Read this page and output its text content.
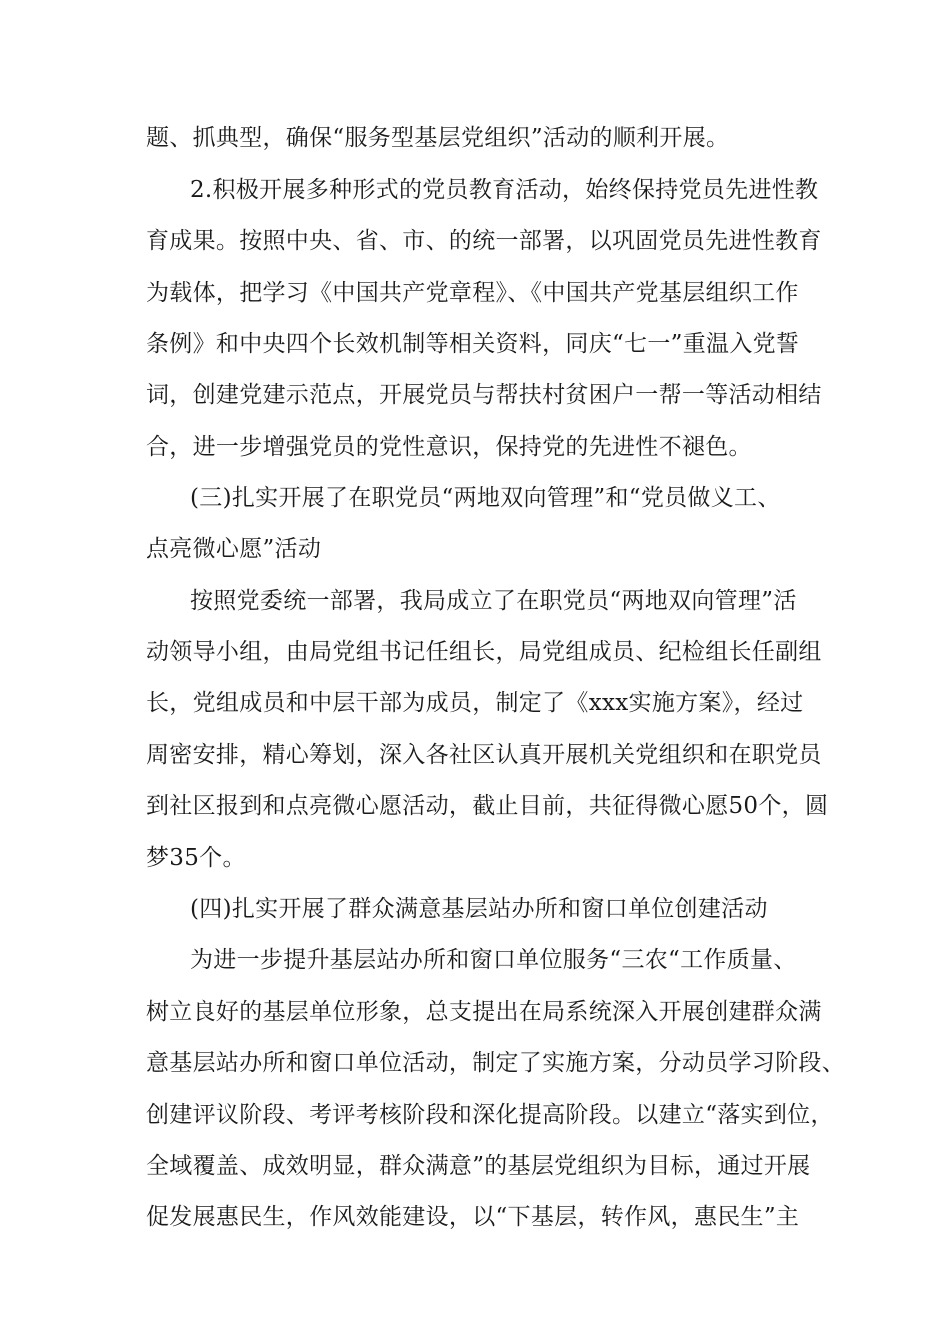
题、抓典型，确保“服务型基层党组织”活动的顺利开展。
2.积极开展多种形式的党员教育活动，始终保持党员先进性教
育成果。按照中央、省、市、的统一部署，以巩固党员先进性教育
为载体，把学习《中国共产党章程》、《中国共产党基层组织工作
条例》和中央四个长效机制等相关资料，同庆“七一”重温入党誓
词，创建党建示范点，开展党员与帮扶村贫困户一帮一等活动相结
合，进一步增强党员的党性意识，保持党的先进性不褪色。
(三)扎实开展了在职党员“两地双向管理”和“党员做义工、
点亮微心愿”活动
按照党委统一部署，我局成立了在职党员“两地双向管理”活
动领导小组，由局党组书记任组长，局党组成员、纪检组长任副组
长，党组成员和中层干部为成员，制定了《xxx实施方案》，经过
周密安排，精心筹划，深入各社区认真开展机关党组织和在职党员
到社区报到和点亮微心愿活动，截止目前，共征得微心愿50个，圆
梦35个。
(四)扎实开展了群众满意基层站办所和窗口单位创建活动
为进一步提升基层站办所和窗口单位服务“三农“工作质量、
树立良好的基层单位形象，总支提出在局系统深入开展创建群众满
意基层站办所和窗口单位活动，制定了实施方案，分动员学习阶段、
创建评议阶段、考评考核阶段和深化提高阶段。以建立“落实到位，
全域覆盖、成效明显，群众满意”的基层党组织为目标，通过开展
促发展惠民生，作风效能建设，以“下基层，转作风，惠民生”主
